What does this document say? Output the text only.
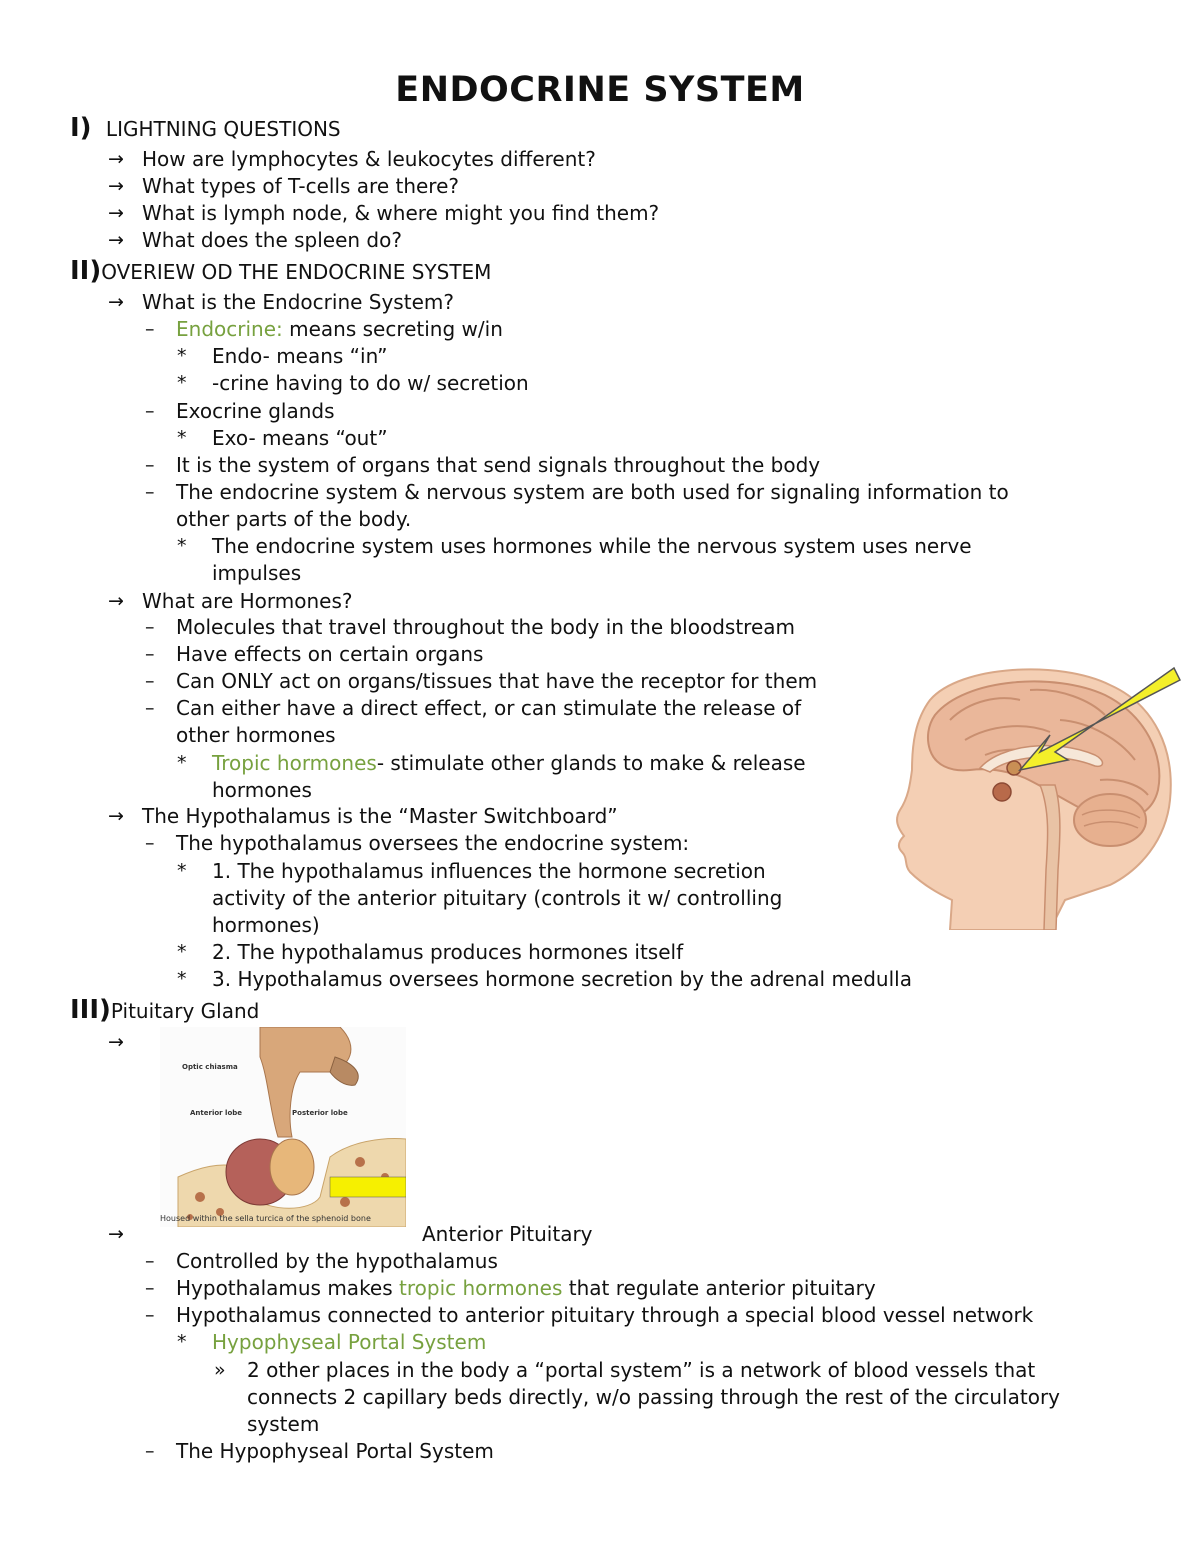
ENDOCRINE SYSTEM
I) LIGHTNING QUESTIONS
→ How are lymphocytes & leukocytes different?
→ What types of T-cells are there?
→ What is lymph node, & where might you find them?
→ What does the spleen do?
II)OVERIEW OD THE ENDOCRINE SYSTEM
→ What is the Endocrine System?
– Endocrine: means secreting w/in
* Endo- means “in”
* -crine having to do w/ secretion
– Exocrine glands
* Exo- means “out”
– It is the system of organs that send signals throughout the body
– The endocrine system & nervous system are both used for signaling information to
other parts of the body.
* The endocrine system uses hormones while the nervous system uses nerve
impulses
→ What are Hormones?
– Molecules that travel throughout the body in the bloodstream
– Have effects on certain organs
– Can ONLY act on organs/tissues that have the receptor for them
– Can either have a direct effect, or can stimulate the release of
other hormones
* Tropic hormones- stimulate other glands to make & release
hormones
→ The Hypothalamus is the “Master Switchboard”
– The hypothalamus oversees the endocrine system:
* 1. The hypothalamus influences the hormone secretion
activity of the anterior pituitary (controls it w/ controlling
hormones)
* 2. The hypothalamus produces hormones itself
* 3. Hypothalamus oversees hormone secretion by the adrenal medulla
III)Pituitary Gland
→
Optic chiasma
Anterior lobe	Posterior lobe
Housed within the sella turcica of the sphenoid bone
→	Anterior Pituitary
– Controlled by the hypothalamus
– Hypothalamus makes tropic hormones that regulate anterior pituitary
– Hypothalamus connected to anterior pituitary through a special blood vessel network
* Hypophyseal Portal System
» 2 other places in the body a “portal system” is a network of blood vessels that
connects 2 capillary beds directly, w/o passing through the rest of the circulatory
system
– The Hypophyseal Portal System
